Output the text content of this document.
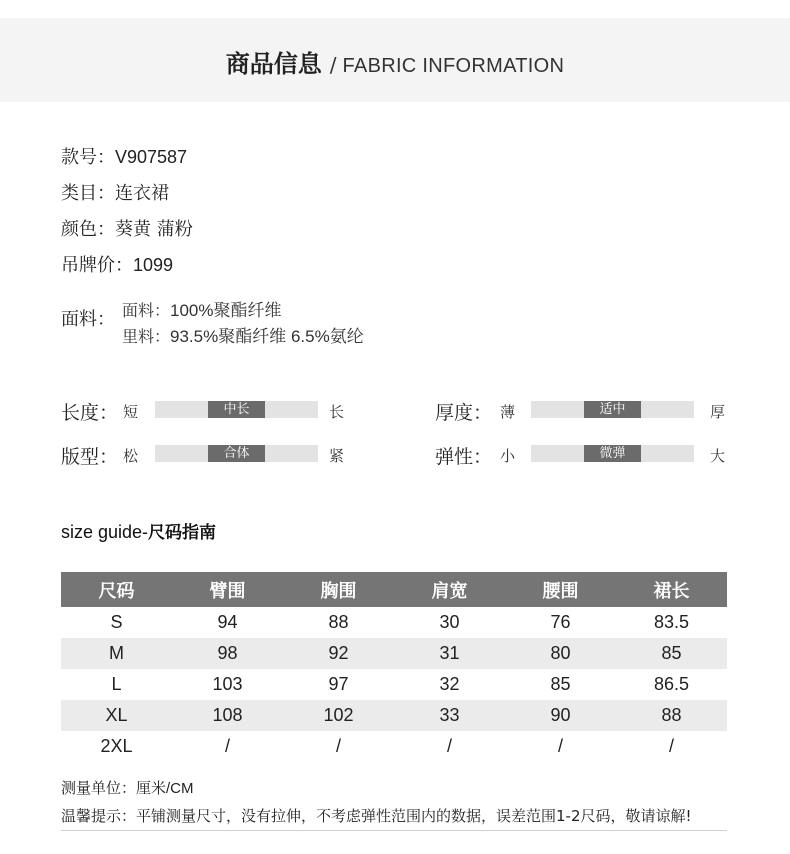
商品信息 / FABRIC INFORMATION
款号：V907587
类目：连衣裙
颜色：葵黄 蒲粉
吊牌价：1099
面料： 面料：100%聚酯纤维
里料：93.5%聚酯纤维 6.5%氨纶
长度： 短	中长	长
版型： 松	合体	紧
厚度： 薄	适中	厚
弹性： 小	微弹	大
size guide-尺码指南
尺码	臂围	胸围	肩宽	腰围	裙长
S	94	88	30	76	83.5
M	98	92	31	80	85
L	103	97	32	85	86.5
XL	108	102	33	90	88
2XL	/	/	/	/	/
测量单位：厘米/CM
温馨提示：平铺测量尺寸，没有拉伸，不考虑弹性范围内的数据，误差范围1-2尺码，敬请谅解!
